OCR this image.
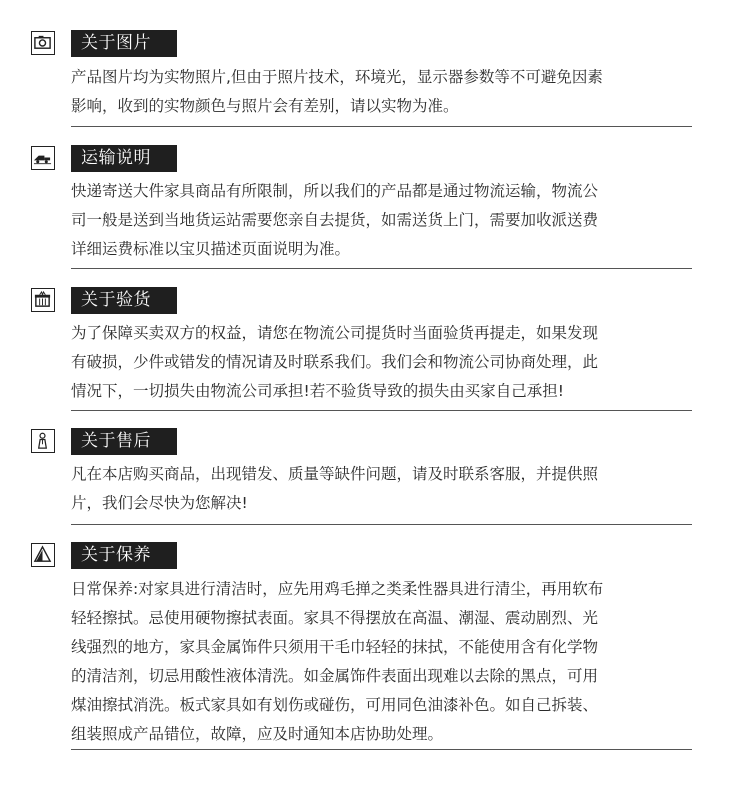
关于图片

产品图片均为实物照片,但由于照片技术，环境光，显示器参数等不可避免因素
影响，收到的实物颜色与照片会有差别，请以实物为准。

运输说明

快递寄送大件家具商品有所限制，所以我们的产品都是通过物流运输，物流公
司一般是送到当地货运站需要您亲自去提货，如需送货上门，需要加收派送费
详细运费标准以宝贝描述页面说明为准。

关于验货

为了保障买卖双方的权益，请您在物流公司提货时当面验货再提走，如果发现
有破损，少件或错发的情况请及时联系我们。我们会和物流公司协商处理，此
情况下，一切损失由物流公司承担!若不验货导致的损失由买家自己承担!

关于售后

凡在本店购买商品，出现错发、质量等缺件问题，请及时联系客服，并提供照
片，我们会尽快为您解决!

关于保养

日常保养:对家具进行清洁时，应先用鸡毛掸之类柔性器具进行清尘，再用软布
轻轻擦拭。忌使用硬物擦拭表面。家具不得摆放在高温、潮湿、震动剧烈、光
线强烈的地方，家具金属饰件只须用干毛巾轻轻的抹拭，不能使用含有化学物
的清洁剂，切忌用酸性液体清洗。如金属饰件表面出现难以去除的黑点，可用
煤油擦拭消洗。板式家具如有划伤或碰伤，可用同色油漆补色。如自己拆装、
组装照成产品错位，故障，应及时通知本店协助处理。
